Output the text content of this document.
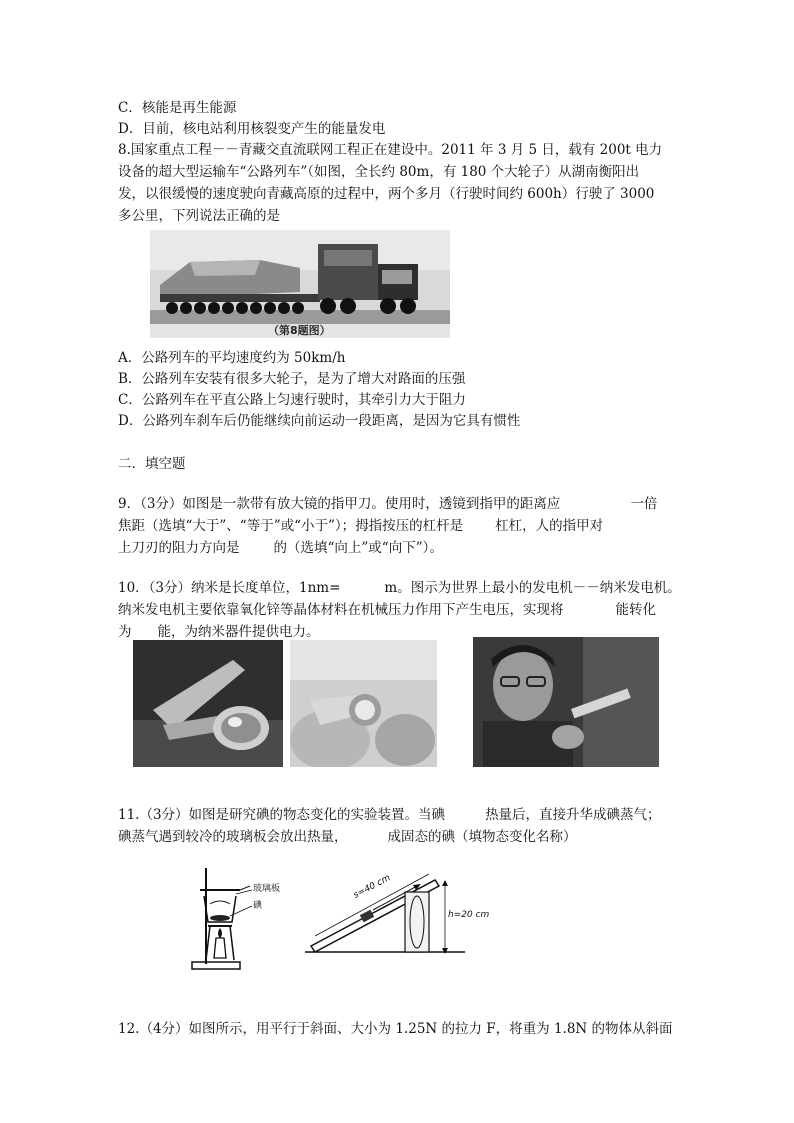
C．核能是再生能源
D．目前，核电站利用核裂变产生的能量发电
8.国家重点工程－－青藏交直流联网工程正在建设中。2011 年 3 月 5 日，载有 200t 电力
设备的超大型运输车“公路列车”（如图，全长约 80m，有 180 个大轮子）从湖南衡阳出
发，以很缓慢的速度驶向青藏高原的过程中，两个多月（行驶时间约 600h）行驶了 3000
多公里，下列说法正确的是
（第8题图）
A．公路列车的平均速度约为 50km/h
B．公路列车安装有很多大轮子，是为了增大对路面的压强
C．公路列车在平直公路上匀速行驶时，其牵引力大于阻力
D．公路列车刹车后仍能继续向前运动一段距离，是因为它具有惯性
二．填空题
9．（3分）如图是一款带有放大镜的指甲刀。使用时，透镜到指甲的距离应	一倍
焦距（选填“大于”、“等于”或“小于”）；拇指按压的杠杆是 杠杠，人的指甲对
上刀刃的阻力方向是	的（选填“向上”或“向下”）。
10．（3分）纳米是长度单位，1nm=	m。图示为世界上最小的发电机－－纳米发电机。
纳米发电机主要依靠氧化锌等晶体材料在机械压力作用下产生电压，实现将	能转化
为 能，为纳米器件提供电力。
11.（3分）如图是研究碘的物态变化的实验装置。当碘	热量后，直接升华成碘蒸气；
碘蒸气遇到较冷的玻璃板会放出热量，	成固态的碘（填物态变化名称）
玻璃板
碘
s=40 cm
h=20 cm
12.（4分）如图所示，用平行于斜面、大小为 1.25N 的拉力 F，将重为 1.8N 的物体从斜面
